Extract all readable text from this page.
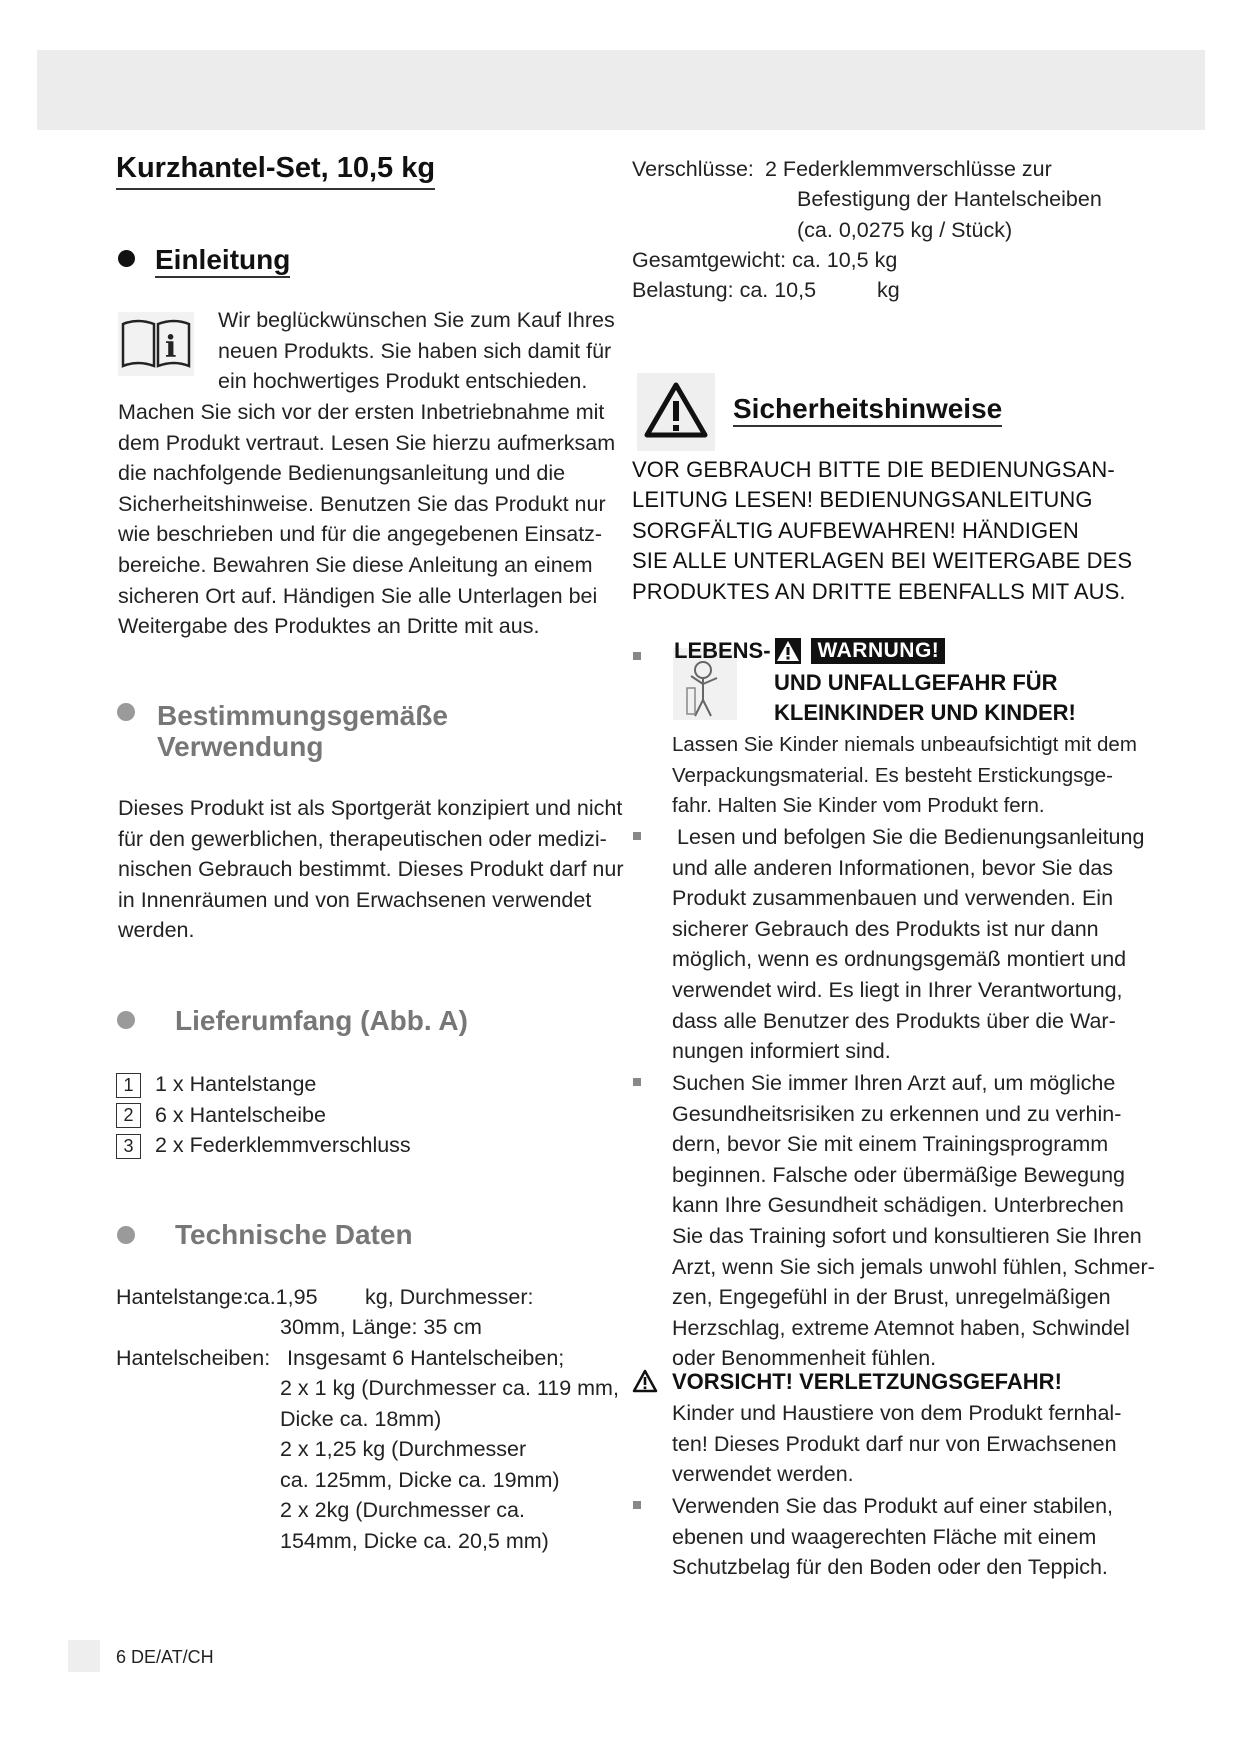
Kurzhantel-Set, 10,5 kg
Einleitung
i
Wir beglückwünschen Sie zum Kauf Ihres
neuen Produkts. Sie haben sich damit für
ein hochwertiges Produkt entschieden.
Machen Sie sich vor der ersten Inbetriebnahme mit
dem Produkt vertraut. Lesen Sie hierzu aufmerksam
die nachfolgende Bedienungsanleitung und die
Sicherheitshinweise. Benutzen Sie das Produkt nur
wie beschrieben und für die angegebenen Einsatz-
bereiche. Bewahren Sie diese Anleitung an einem
sicheren Ort auf. Händigen Sie alle Unterlagen bei
Weitergabe des Produktes an Dritte mit aus.
Bestimmungsgemäße
Verwendung
Dieses Produkt ist als Sportgerät konzipiert und nicht
für den gewerblichen, therapeutischen oder medizi-
nischen Gebrauch bestimmt. Dieses Produkt darf nur
in Innenräumen und von Erwachsenen verwendet
werden.
Lieferumfang (Abb. A)
1 1 x Hantelstange
2 6 x Hantelscheibe
3 2 x Federklemmverschluss
Technische Daten
Hantelstange:
ca.1,95 kg, Durchmesser:
30mm, Länge: 35 cm
Hantelscheiben: Insgesamt 6 Hantelscheiben;
2 x 1 kg (Durchmesser ca. 119 mm,
Dicke ca. 18mm)
2 x 1,25 kg (Durchmesser
ca. 125mm, Dicke ca. 19mm)
2 x 2kg (Durchmesser ca.
154mm, Dicke ca. 20,5 mm)
Verschlüsse: 2 Federklemmverschlüsse zur
Befestigung der Hantelscheiben
(ca. 0,0275 kg / Stück)
Gesamtgewicht: ca. 10,5 kg
Belastung: ca. 10,5	kg
Sicherheitshinweise
VOR GEBRAUCH BITTE DIE BEDIENUNGSAN-
LEITUNG LESEN! BEDIENUNGSANLEITUNG
SORGFÄLTIG AUFBEWAHREN! HÄNDIGEN
SIE ALLE UNTERLAGEN BEI WEITERGABE DES
PRODUKTES AN DRITTE EBENFALLS MIT AUS.
LEBENS-	WARNUNG!
UND UNFALLGEFAHR FÜR
KLEINKINDER UND KINDER!
Lassen Sie Kinder niemals unbeaufsichtigt mit dem
Verpackungsmaterial. Es besteht Erstickungsge-
fahr. Halten Sie Kinder vom Produkt fern.
Lesen und befolgen Sie die Bedienungsanleitung
und alle anderen Informationen, bevor Sie das
Produkt zusammenbauen und verwenden. Ein
sicherer Gebrauch des Produkts ist nur dann
möglich, wenn es ordnungsgemäß montiert und
verwendet wird. Es liegt in Ihrer Verantwortung,
dass alle Benutzer des Produkts über die War-
nungen informiert sind.
Suchen Sie immer Ihren Arzt auf, um mögliche
Gesundheitsrisiken zu erkennen und zu verhin-
dern, bevor Sie mit einem Trainingsprogramm
beginnen. Falsche oder übermäßige Bewegung
kann Ihre Gesundheit schädigen. Unterbrechen
Sie das Training sofort und konsultieren Sie Ihren
Arzt, wenn Sie sich jemals unwohl fühlen, Schmer-
zen, Engegefühl in der Brust, unregelmäßigen
Herzschlag, extreme Atemnot haben, Schwindel
oder Benommenheit fühlen.
VORSICHT! VERLETZUNGSGEFAHR!
Kinder und Haustiere von dem Produkt fernhal-
ten! Dieses Produkt darf nur von Erwachsenen
verwendet werden.
Verwenden Sie das Produkt auf einer stabilen,
ebenen und waagerechten Fläche mit einem
Schutzbelag für den Boden oder den Teppich.
6 DE/AT/CH
